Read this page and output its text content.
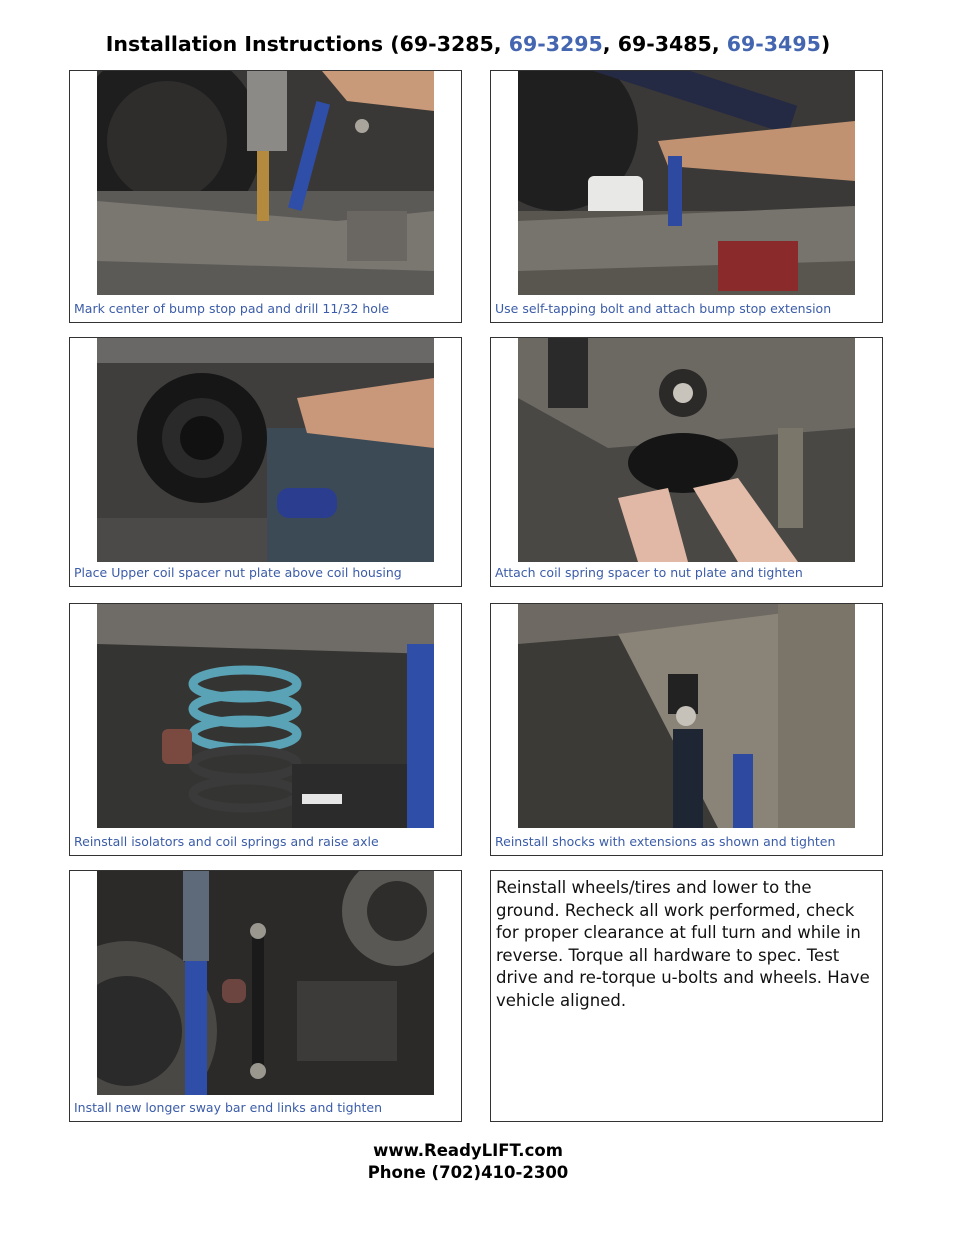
Installation Instructions (69-3285, 69-3295, 69-3485, 69-3495)
Mark center of bump stop pad and drill 11/32 hole	Use self-tapping bolt and attach bump stop extension
Place Upper coil spacer nut plate above coil housing	Attach coil spring spacer to nut plate and tighten
Reinstall isolators and coil springs and raise axle	Reinstall shocks with extensions as shown and tighten
Install new longer sway bar end links and tighten
Reinstall wheels/tires and lower to the ground. Recheck all work performed, check for proper clearance at full turn and while in reverse. Torque all hardware to spec. Test drive and re-torque u-bolts and wheels. Have vehicle aligned.
www.ReadyLIFT.com
Phone (702)410-2300
